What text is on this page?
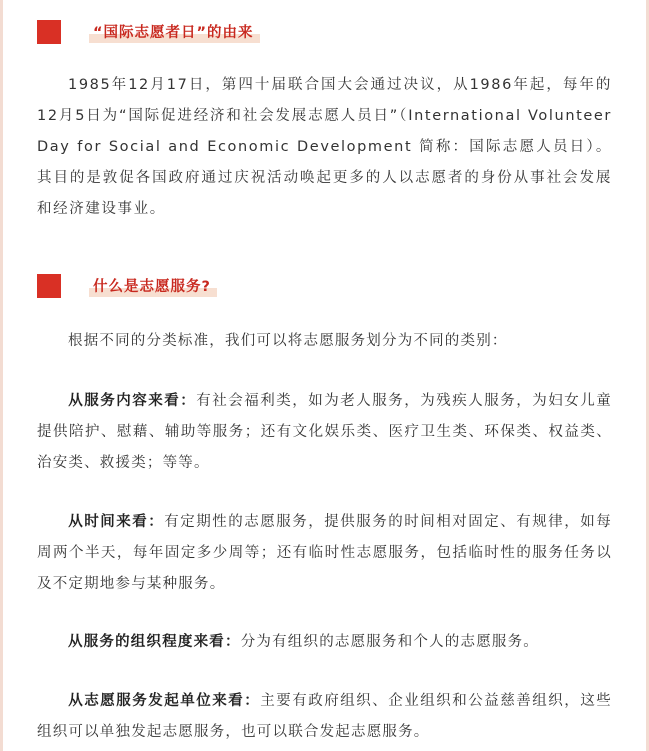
“国际志愿者日”的由来

1985年12月17日，第四十届联合国大会通过决议，从1986年起，每年的12月5日为“国际促进经济和社会发展志愿人员日”（International Volunteer Day for Social and Economic Development 简称：国际志愿人员日）。其目的是敦促各国政府通过庆祝活动唤起更多的人以志愿者的身份从事社会发展和经济建设事业。

什么是志愿服务?

根据不同的分类标准，我们可以将志愿服务划分为不同的类别：

从服务内容来看：有社会福利类，如为老人服务，为残疾人服务，为妇女儿童提供陪护、慰藉、辅助等服务；还有文化娱乐类、医疗卫生类、环保类、权益类、治安类、救援类；等等。

从时间来看：有定期性的志愿服务，提供服务的时间相对固定、有规律，如每周两个半天，每年固定多少周等；还有临时性志愿服务，包括临时性的服务任务以及不定期地参与某种服务。

从服务的组织程度来看：分为有组织的志愿服务和个人的志愿服务。

从志愿服务发起单位来看：主要有政府组织、企业组织和公益慈善组织，这些组织可以单独发起志愿服务，也可以联合发起志愿服务。
